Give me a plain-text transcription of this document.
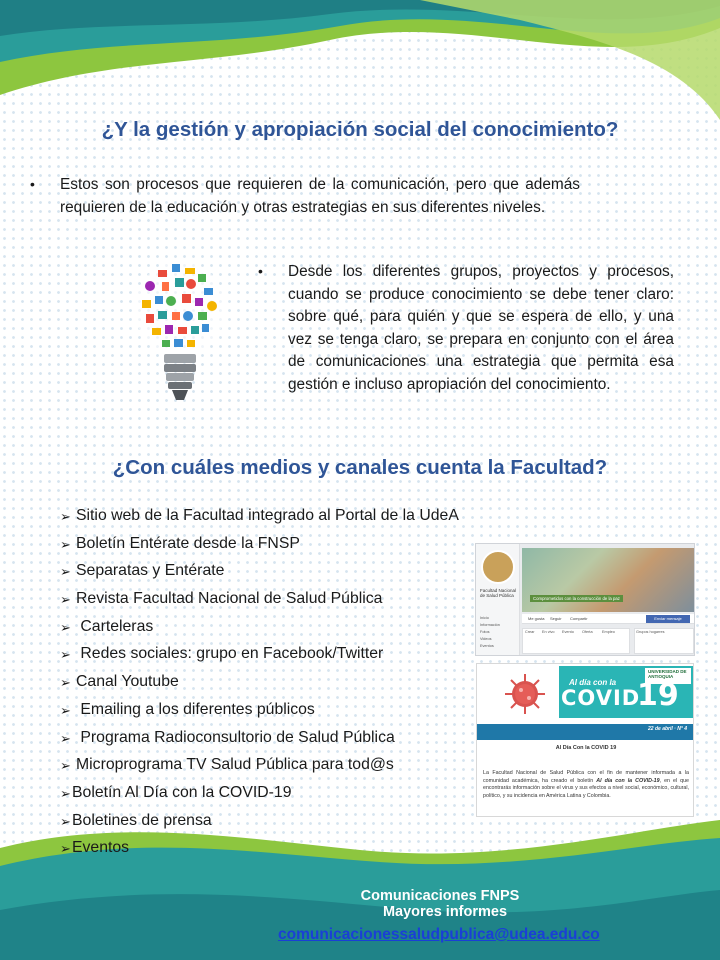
¿Y la gestión y apropiación social del conocimiento?
• Estos son procesos que requieren de la comunicación, pero que además requieren de la educación y otras estrategias en sus diferentes niveles.

• Desde los diferentes grupos, proyectos y procesos, cuando se produce conocimiento se debe tener claro: sobre qué, para quién y que se espera de ello, y una vez se tenga claro, se prepara en conjunto con el área de comunicaciones una estrategia que permita esa gestión e incluso apropiación del conocimiento.

¿Con cuáles medios y canales cuenta la Facultad?
➢ Sitio web de la Facultad integrado al Portal de la UdeA
➢ Boletín Entérate desde la FNSP
➢ Separatas y Entérate
➢ Revista Facultad Nacional de Salud Pública
➢ Carteleras
➢ Redes sociales: grupo en Facebook/Twitter
➢ Canal Youtube
➢ Emailing a los diferentes públicos
➢ Programa Radioconsultorio de Salud Pública
➢ Microprograma TV Salud Pública para tod@s
➢ Boletín Al Día con la COVID-19
➢ Boletines de prensa
➢ Eventos
Facultad Nacional de Salud Pública
Inicio
Información
Fotos
Videos
Eventos
Comprometidos con la construcción de la paz
Me gusta	Seguir	Compartir	Enviar mensaje
Crear En vivo Evento Oferta Empleo	Grupos hogarres
UNIVERSIDAD DE ANTIOQUIA
Al día con la
COVID
19
22 de abril · N° 4
Al Día Con la COVID 19
La Facultad Nacional de Salud Pública con el fin de mantener informada a la comunidad académica, ha creado el boletín Al día con la COVID-19, en el que encontrarás información sobre el virus y sus efectos a nivel social, económico, cultural, político, y su incidencia en América Latina y Colombia.
Comunicaciones FNPS
Mayores informes
comunicacionessaludpublica@udea.edu.co
